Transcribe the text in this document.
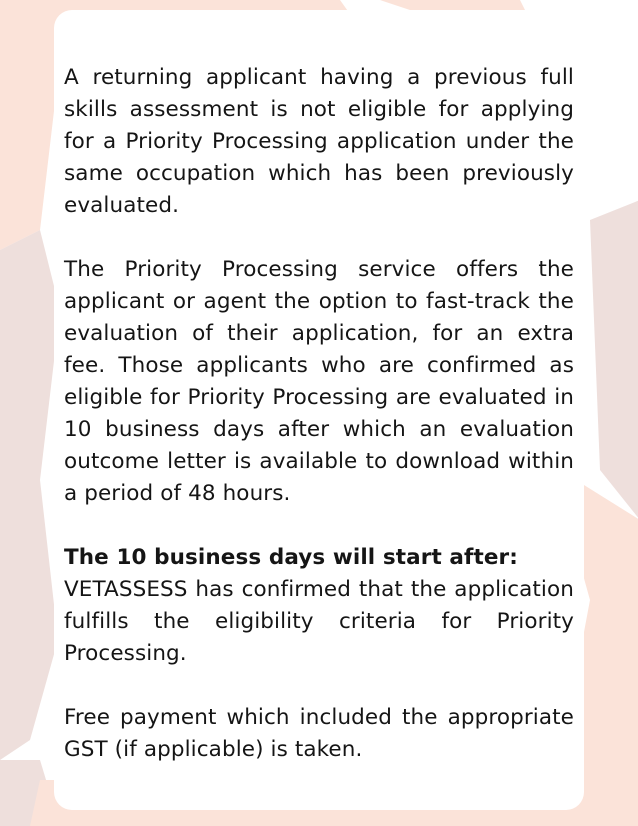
A returning applicant having a previous full skills assessment is not eligible for applying for a Priority Processing application under the same occupation which has been previously evaluated.

The Priority Processing service offers the applicant or agent the option to fast-track the evaluation of their application, for an extra fee. Those applicants who are confirmed as eligible for Priority Processing are evaluated in 10 business days after which an evaluation outcome letter is available to download within a period of 48 hours.

The 10 business days will start after:

VETASSESS has confirmed that the application fulfills the eligibility criteria for Priority Processing.

Free payment which included the appropriate GST (if applicable) is taken.
